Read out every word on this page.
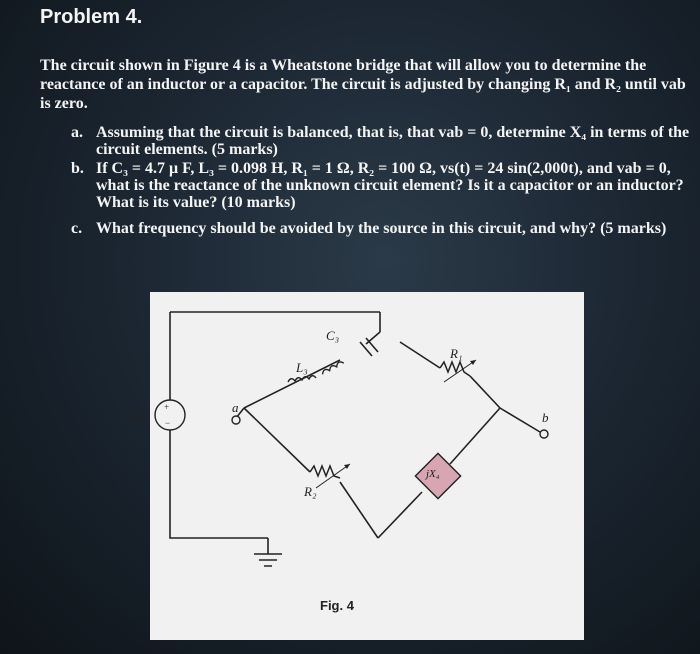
Problem 4.
The circuit shown in Figure 4 is a Wheatstone bridge that will allow you to determine the reactance of an inductor or a capacitor. The circuit is adjusted by changing R₁ and R₂ until vab is zero.
a. Assuming that the circuit is balanced, that is, that vab = 0, determine X₄ in terms of the circuit elements. (5 marks)
b. If C₃ = 4.7 μ F, L₃ = 0.098 H, R₁ = 1 Ω, R₂ = 100 Ω, vs(t) = 24 sin(2,000t), and vab = 0, what is the reactance of the unknown circuit element? Is it a capacitor or an inductor? What is its value? (10 marks)
c. What frequency should be avoided by the source in this circuit, and why? (5 marks)
+
−
vS(t)
a
b
C₃
L₃
R₁
R₂
jX₄
Fig. 4
